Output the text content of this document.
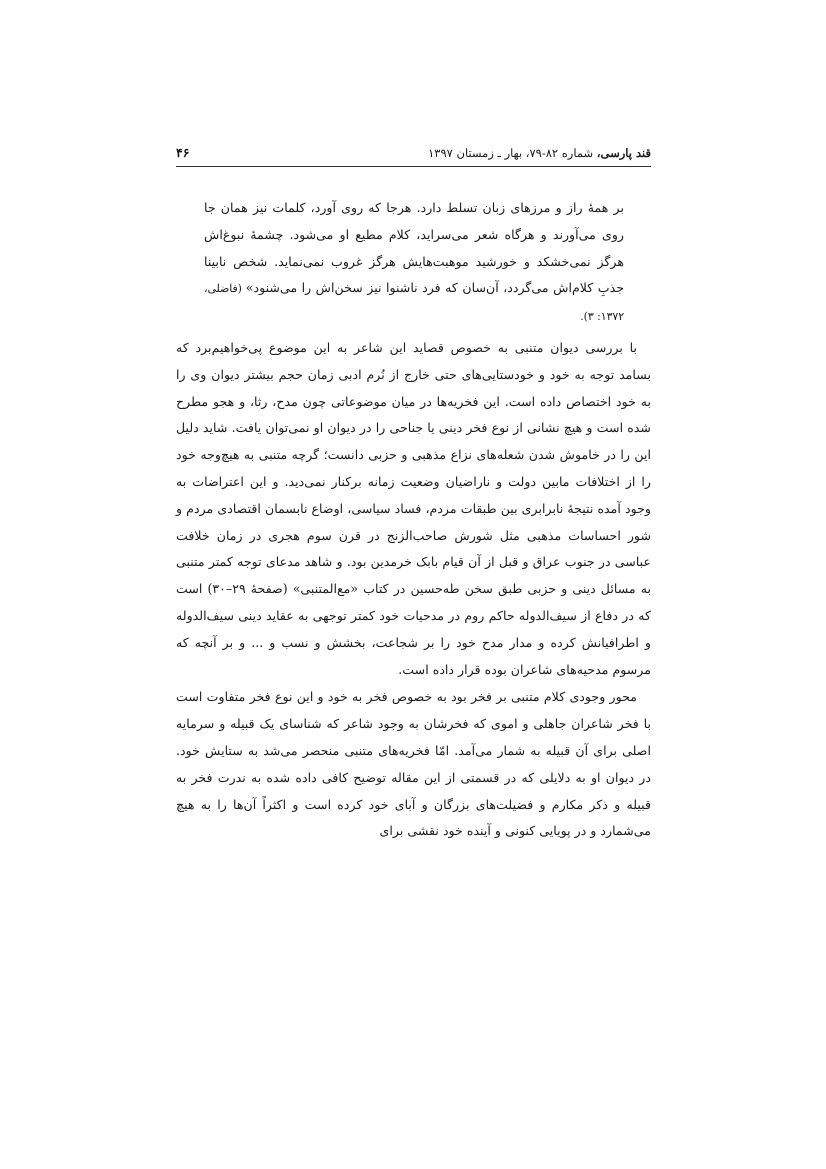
قند پارسی، شماره ۸۲-۷۹، بهار ـ زمستان ۱۳۹۷
۴۶

بر همهٔ راز و مرزهای زبان تسلط دارد. هرجا که روی آورد، کلمات نیز همان جا روی می‌آورند و هرگاه شعر می‌سراید، کلام مطیع او می‌شود. چشمهٔ نبوغ‌اش هرگز نمی‌خشکد و خورشید موهبت‌هایش هرگز غروب نمی‌نماید. شخص نابینا جذبِ کلام‌اش می‌گردد، آن‌سان که فرد ناشنوا نیز سخن‌اش را می‌شنود» (فاضلی، ۱۳۷۲: ۳).

با بررسی دیوان متنبی به خصوص قصاید این شاعر به این موضوع پی‌خواهیم‌برد که بسامد توجه به خود و خودستایی‌های حتی خارج از نُرم ادبی زمان حجم بیشتر دیوان وی را به خود اختصاص داده است. این فخریه‌ها در میان موضوعاتی چون مدح، رثا، و هجو مطرح شده است و هیچ نشانی از نوع فخر دینی یا جناحی را در دیوان او نمی‌توان یافت. شاید دلیل این را در خاموش شدن شعله‌های نزاع مذهبی و حزبی دانست؛ گرچه متنبی به هیچ‌وجه خود را از اختلافات مابین دولت و ناراضیان وضعیت زمانه برکنار نمی‌دید. و این اعتراضات به وجود آمده نتیجهٔ نابرابری بین طبقات مردم، فساد سیاسی، اوضاع نابسمان اقتصادی مردم و شور احساسات مذهبی مثل شورش صاحب‌الزنج در قرن سوم هجری در زمان خلافت عباسی در جنوب عراق و قبل از آن قیام بابک خرمدین بود. و شاهد مدعای توجه کمتر متنبی به مسائل دینی و حزبی طبق سخن طه‌حسین در کتاب «مع‌المتنبی» (صفحهٔ ۲۹–۳۰) است که در دفاع از سیف‌الدوله حاکم روم در مدحیات خود کمتر توجهی به عقاید دینی سیف‌الدوله و اطرافیانش کرده و مدار مدح خود را بر شجاعت، بخشش و نسب و ... و بر آنچه که مرسوم مدحیه‌های شاعران بوده قرار داده است.

محور وجودی کلام متنبی بر فخر بود به خصوص فخر به خود و این نوع فخر متفاوت است با فخر شاعران جاهلی و اموی که فخرشان به وجود شاعر که شناسای یک قبیله و سرمایه اصلی برای آن قبیله به شمار می‌آمد. امّا فخریه‌های متنبی منحصر می‌شد به ستایش خود. در دیوان او به دلایلی که در قسمتی از این مقاله توضیح کافی داده شده به ندرت فخر به قبیله و ذکر مکارم و فضیلت‌های بزرگان و آبای خود کرده است و اکثراً آن‌ها را به هیچ می‌شمارد و در پویایی کنونی و آینده خود نقشی برای
